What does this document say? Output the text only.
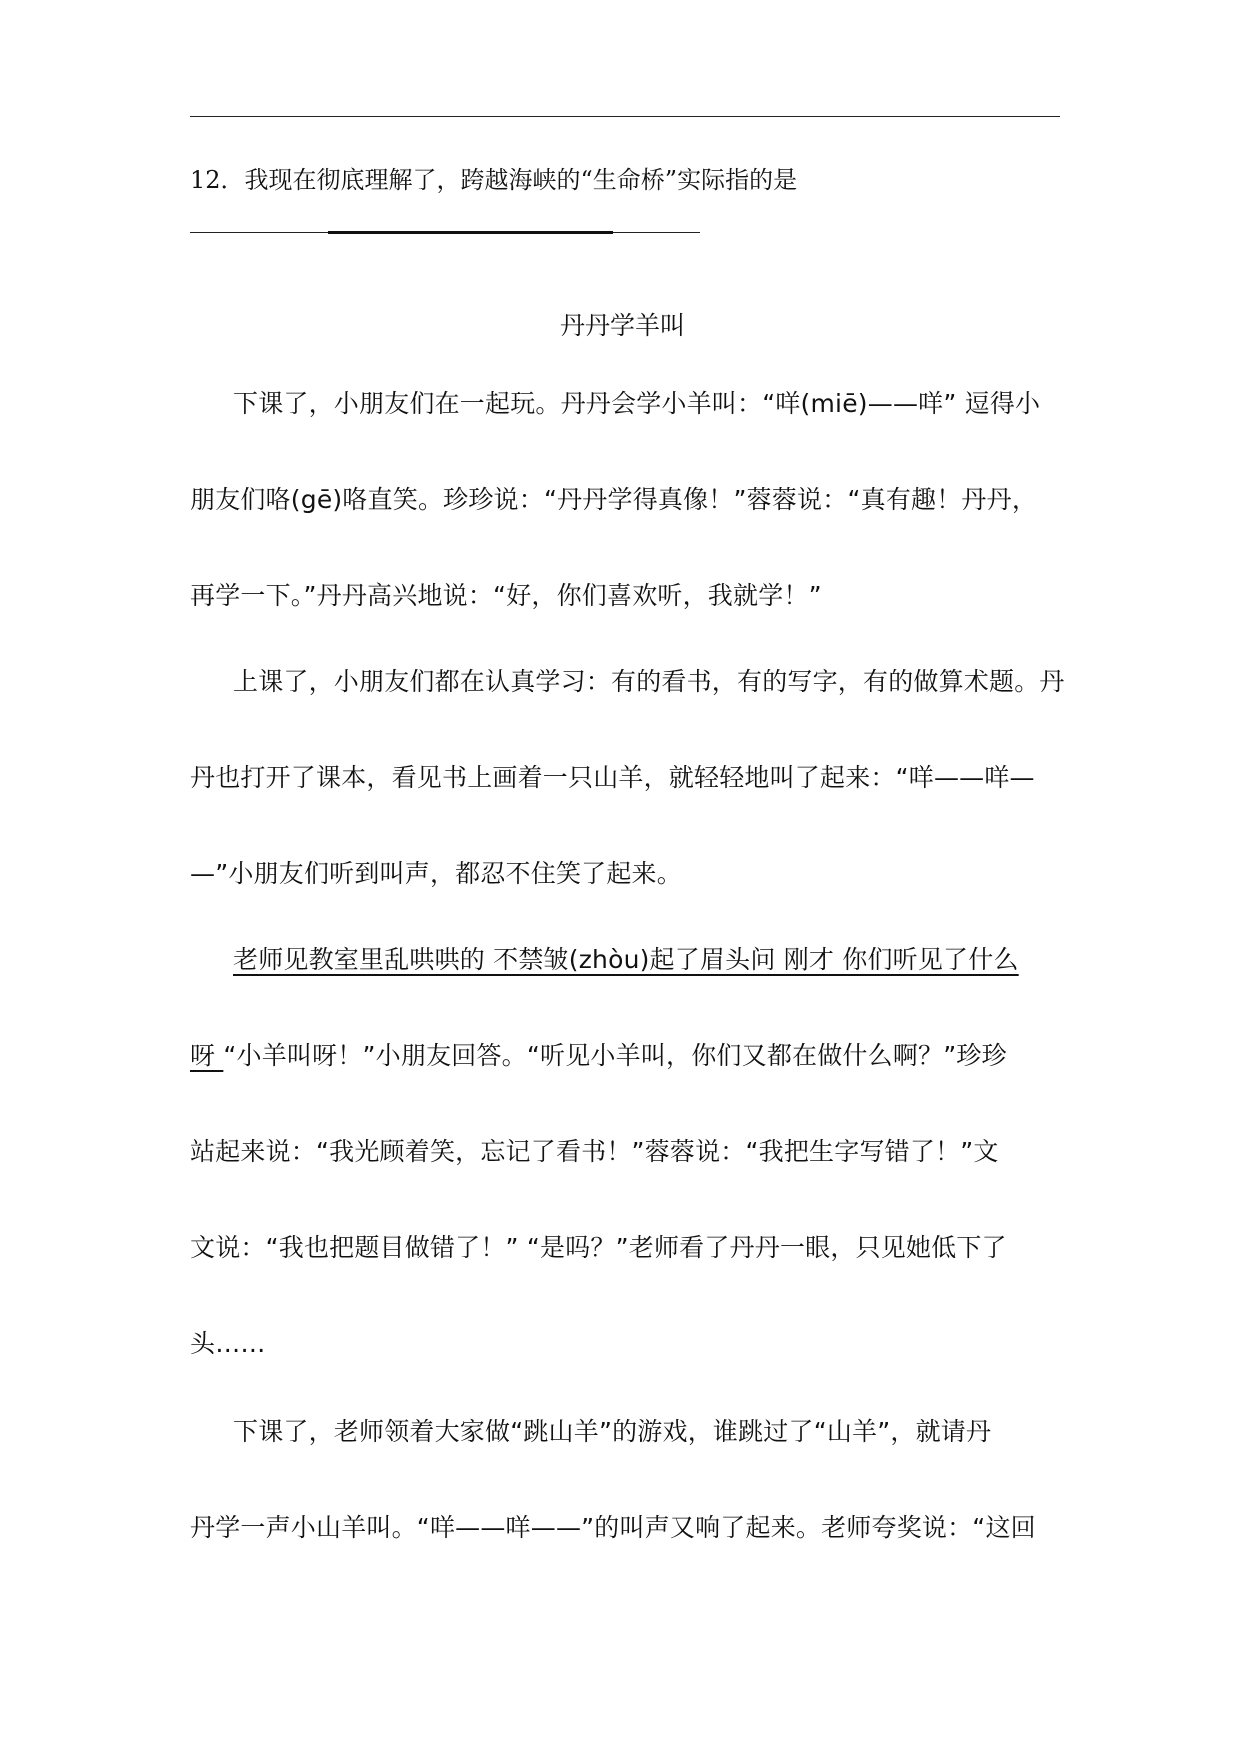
12．我现在彻底理解了，跨越海峡的“生命桥”实际指的是
丹丹学羊叫
下课了，小朋友们在一起玩。丹丹会学小羊叫：“咩(miē)——咩” 逗得小
朋友们咯(gē)咯直笑。珍珍说：“丹丹学得真像！”蓉蓉说：“真有趣！丹丹，
再学一下。”丹丹高兴地说：“好，你们喜欢听，我就学！”
上课了，小朋友们都在认真学习：有的看书，有的写字，有的做算术题。丹
丹也打开了课本，看见书上画着一只山羊，就轻轻地叫了起来：“咩——咩—
—”小朋友们听到叫声，都忍不住笑了起来。
老师见教室里乱哄哄的 不禁皱(zhòu)起了眉头问 刚才 你们听见了什么
呀 “小羊叫呀！”小朋友回答。“听见小羊叫，你们又都在做什么啊？”珍珍
站起来说：“我光顾着笑，忘记了看书！”蓉蓉说：“我把生字写错了！”文
文说：“我也把题目做错了！” “是吗？”老师看了丹丹一眼，只见她低下了
头……
下课了，老师领着大家做“跳山羊”的游戏，谁跳过了“山羊”，就请丹
丹学一声小山羊叫。“咩——咩——”的叫声又响了起来。老师夸奖说：“这回
